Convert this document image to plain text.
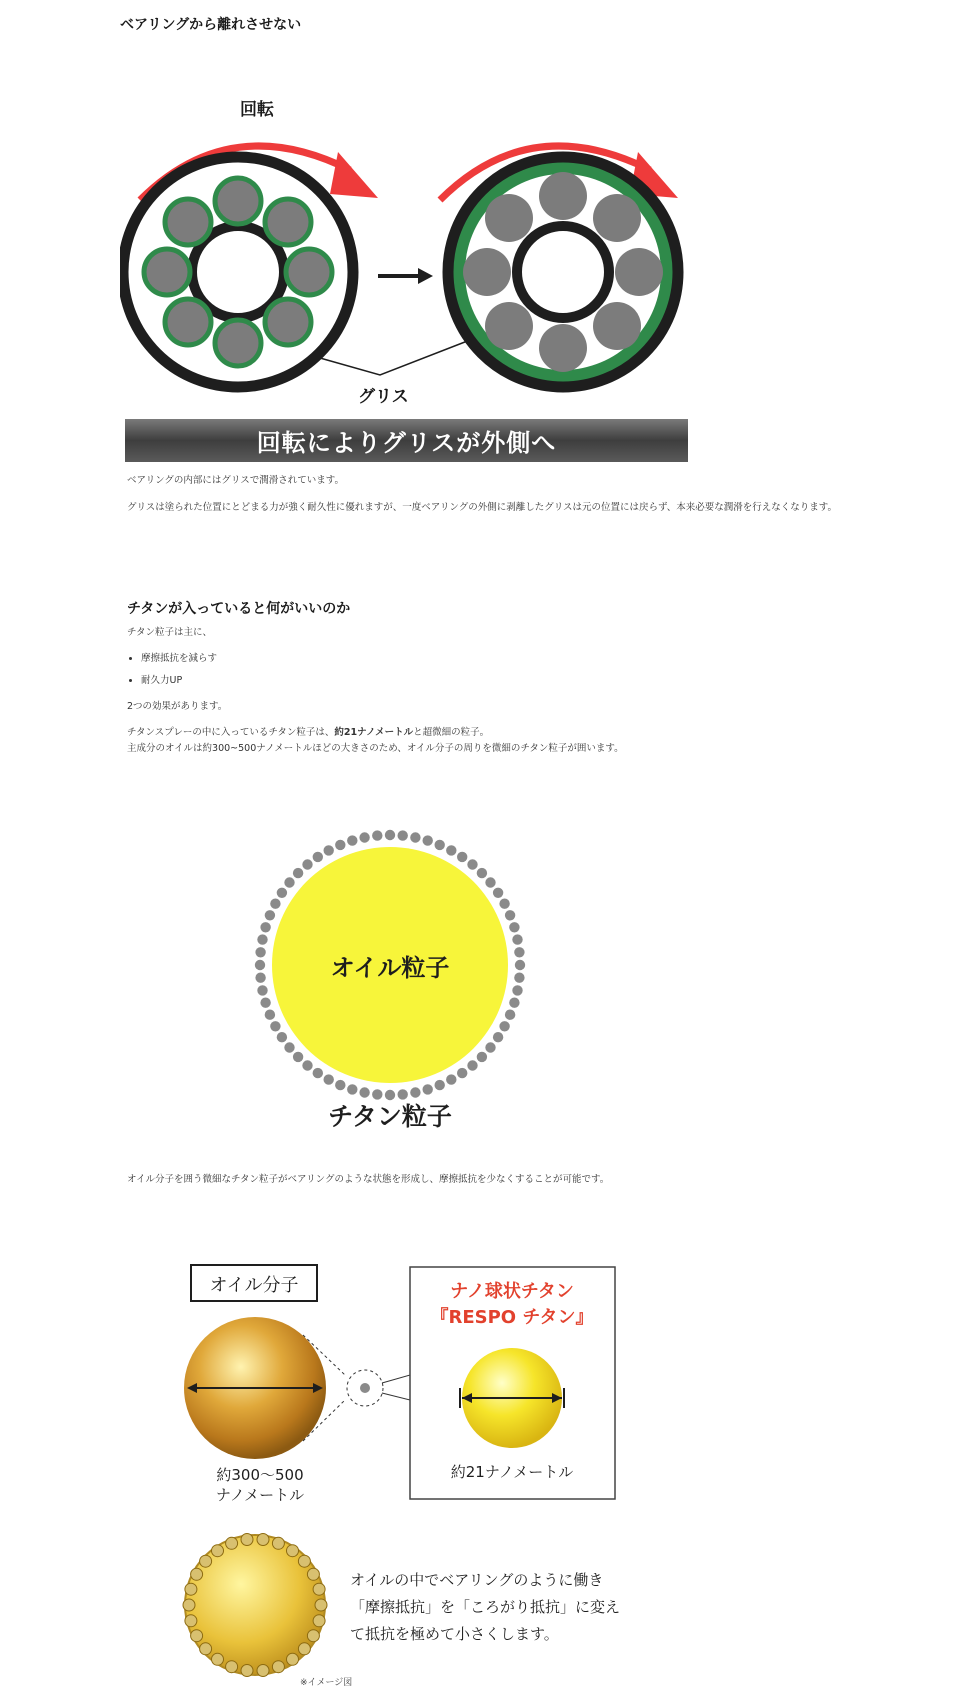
ベアリングから離れさせない
回転
グリス
回転によりグリスが外側へ
ベアリングの内部にはグリスで潤滑されています。
グリスは塗られた位置にとどまる力が強く耐久性に優れますが、一度ベアリングの外側に剥離したグリスは元の位置には戻らず、本来必要な潤滑を行えなくなります。
チタンが入っていると何がいいのか
チタン粒子は主に、
• 摩擦抵抗を減らす
• 耐久力UP
2つの効果があります。
チタンスプレーの中に入っているチタン粒子は、約21ナノメートルと超微細の粒子。
主成分のオイルは約300~500ナノメートルほどの大きさのため、オイル分子の周りを微細のチタン粒子が囲います。
オイル粒子
チタン粒子
オイル分子を囲う微細なチタン粒子がベアリングのような状態を形成し、摩擦抵抗を少なくすることが可能です。
オイル分子
約300〜500
ナノメートル
ナノ球状チタン
『RESPO チタン』
約21ナノメートル
※イメージ図
オイルの中でベアリングのように働き
「摩擦抵抗」を「ころがり抵抗」に変え
て抵抗を極めて小さくします。
